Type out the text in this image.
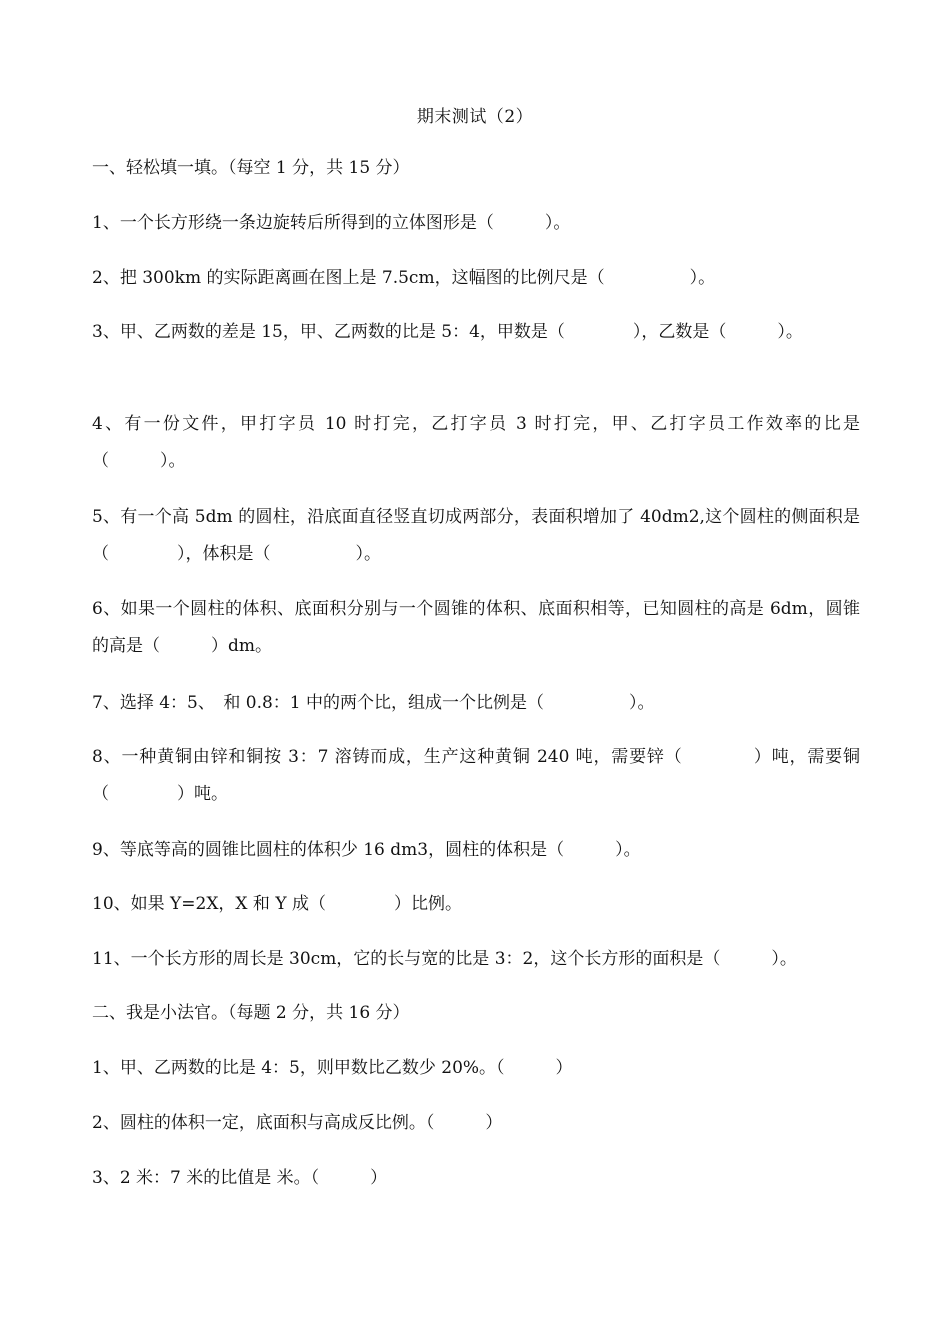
期末测试（2）
一、轻松填一填。（每空 1 分，共 15 分）
1、一个长方形绕一条边旋转后所得到的立体图形是（　　　）。
2、把 300km 的实际距离画在图上是 7.5cm，这幅图的比例尺是（　　　　　）。
3、甲、乙两数的差是 15，甲、乙两数的比是 5：4，甲数是（　　　　），乙数是（　　　）。
4、有一份文件，甲打字员 10 时打完，乙打字员 3 时打完，甲、乙打字员工作效率的比是（　　　）。
5、有一个高 5dm 的圆柱，沿底面直径竖直切成两部分，表面积增加了 40dm2,这个圆柱的侧面积是（　　　　），体积是（　　　　　）。
6、如果一个圆柱的体积、底面积分别与一个圆锥的体积、底面积相等，已知圆柱的高是 6dm，圆锥的高是（　　　）dm。
7、选择 4：5、　和 0.8：1 中的两个比，组成一个比例是（　　　　　）。
8、一种黄铜由锌和铜按 3：7 溶铸而成，生产这种黄铜 240 吨，需要锌（　　　　）吨，需要铜（　　　　）吨。
9、等底等高的圆锥比圆柱的体积少 16 dm3，圆柱的体积是（　　　）。
10、如果 Y=2X，X 和 Y 成（　　　　）比例。
11、一个长方形的周长是 30cm，它的长与宽的比是 3：2，这个长方形的面积是（　　　）。
二、我是小法官。（每题 2 分，共 16 分）
1、甲、乙两数的比是 4：5，则甲数比乙数少 20%。（　　　）
2、圆柱的体积一定，底面积与高成反比例。（　　　）
3、2 米：7 米的比值是 米。（　　　）
